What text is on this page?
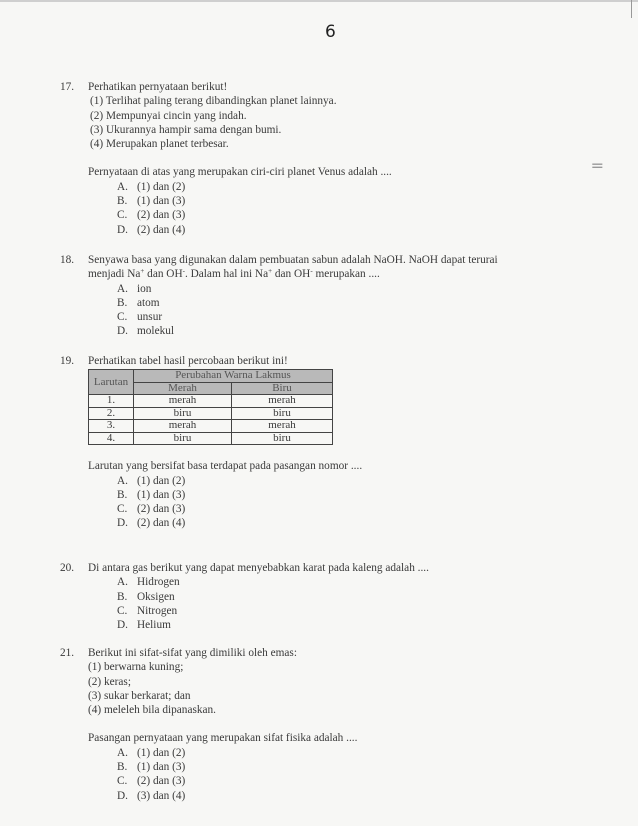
6
=
17.	Perhatikan pernyataan berikut!
(1) Terlihat paling terang dibandingkan planet lainnya.
(2) Mempunyai cincin yang indah.
(3) Ukurannya hampir sama dengan bumi.
(4) Merupakan planet terbesar.
Pernyataan di atas yang merupakan ciri-ciri planet Venus adalah ....
A. (1) dan (2)
B. (1) dan (3)
C. (2) dan (3)
D. (2) dan (4)
18.	Senyawa basa yang digunakan dalam pembuatan sabun adalah NaOH. NaOH dapat terurai
menjadi Na+ dan OH-. Dalam hal ini Na+ dan OH- merupakan ....
A. ion
B. atom
C. unsur
D. molekul
19.	Perhatikan tabel hasil percobaan berikut ini!
Larutan	Perubahan Warna Lakmus	
	Merah	Biru
1.	merah	merah
2.	biru	biru
3.	merah	merah
4.	biru	biru
Larutan yang bersifat basa terdapat pada pasangan nomor ....
A. (1) dan (2)
B. (1) dan (3)
C. (2) dan (3)
D. (2) dan (4)
20.	Di antara gas berikut yang dapat menyebabkan karat pada kaleng adalah ....
A. Hidrogen
B. Oksigen
C. Nitrogen
D. Helium
21.	Berikut ini sifat-sifat yang dimiliki oleh emas:
(1) berwarna kuning;
(2) keras;
(3) sukar berkarat; dan
(4) meleleh bila dipanaskan.
Pasangan pernyataan yang merupakan sifat fisika adalah ....
A. (1) dan (2)
B. (1) dan (3)
C. (2) dan (3)
D. (3) dan (4)
